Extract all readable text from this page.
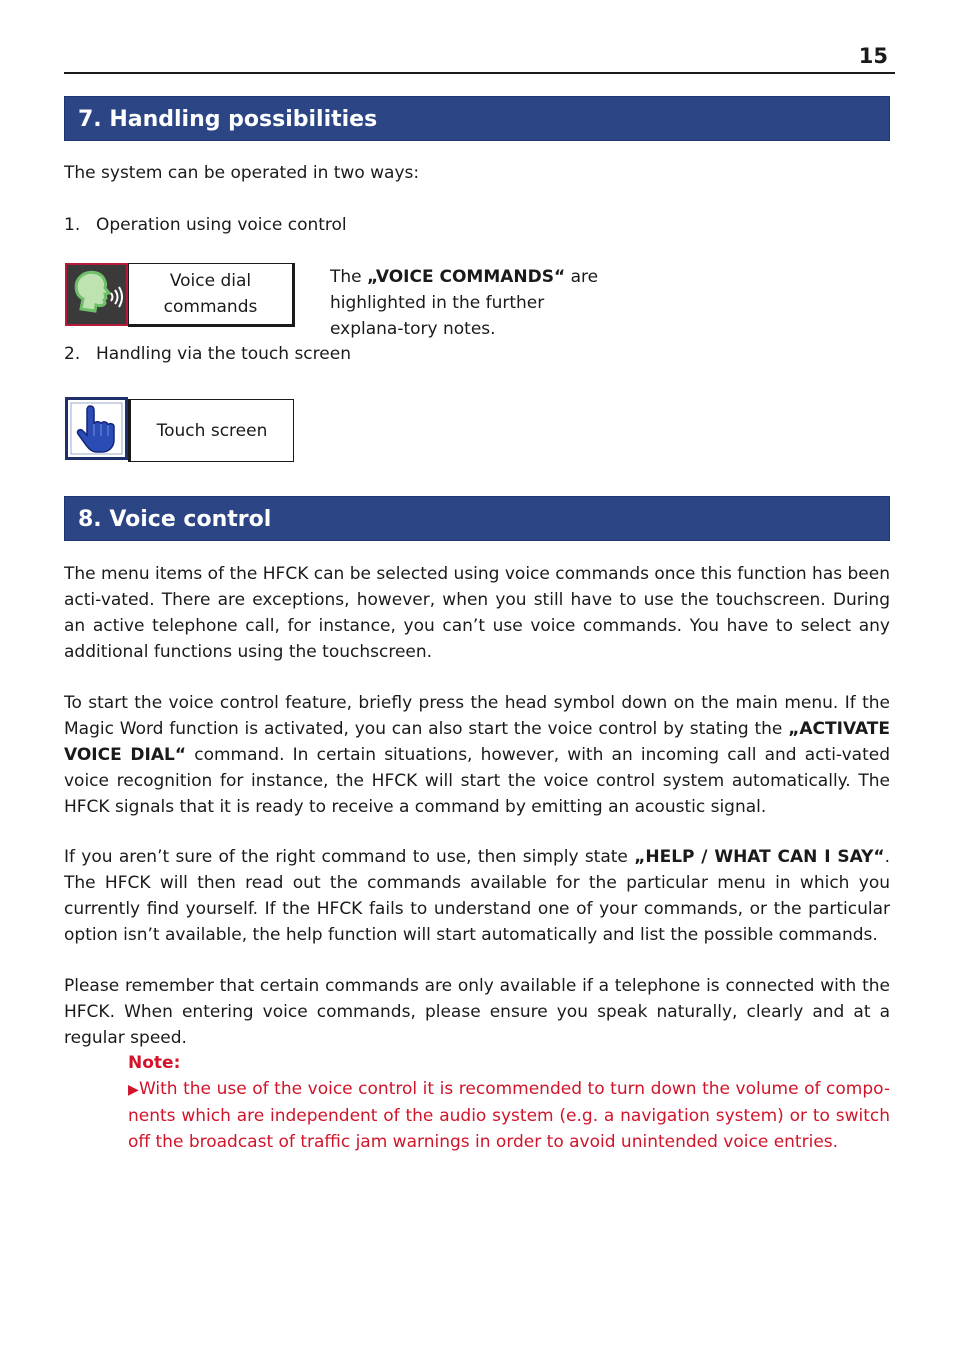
15
7. Handling possibilities
The system can be operated in two ways:
1. Operation using voice control
Voice dial commands
The „VOICE COMMANDS“ are highlighted in the further explana-tory notes.
2. Handling via the touch screen
Touch screen
8. Voice control
The menu items of the HFCK can be selected using voice commands once this function has been acti-vated. There are exceptions, however, when you still have to use the touchscreen. During an active telephone call, for instance, you can’t use voice commands. You have to select any additional functions using the touchscreen.
To start the voice control feature, briefly press the head symbol down on the main menu. If the Magic Word function is activated, you can also start the voice control by stating the „ACTIVATE VOICE DIAL“ command. In certain situations, however, with an incoming call and acti-vated voice recognition for instance, the HFCK will start the voice control system automatically. The HFCK signals that it is ready to receive a command by emitting an acoustic signal.
If you aren’t sure of the right command to use, then simply state „HELP / WHAT CAN I SAY“. The HFCK will then read out the commands available for the particular menu in which you currently find yourself. If the HFCK fails to understand one of your commands, or the particular option isn’t available, the help function will start automatically and list the possible commands.
Please remember that certain commands are only available if a telephone is connected with the HFCK. When entering voice commands, please ensure you speak naturally, clearly and at a regular speed.
Note:
▶With the use of the voice control it is recommended to turn down the volume of compo-nents which are independent of the audio system (e.g. a navigation system) or to switch off the broadcast of traffic jam warnings in order to avoid unintended voice entries.
